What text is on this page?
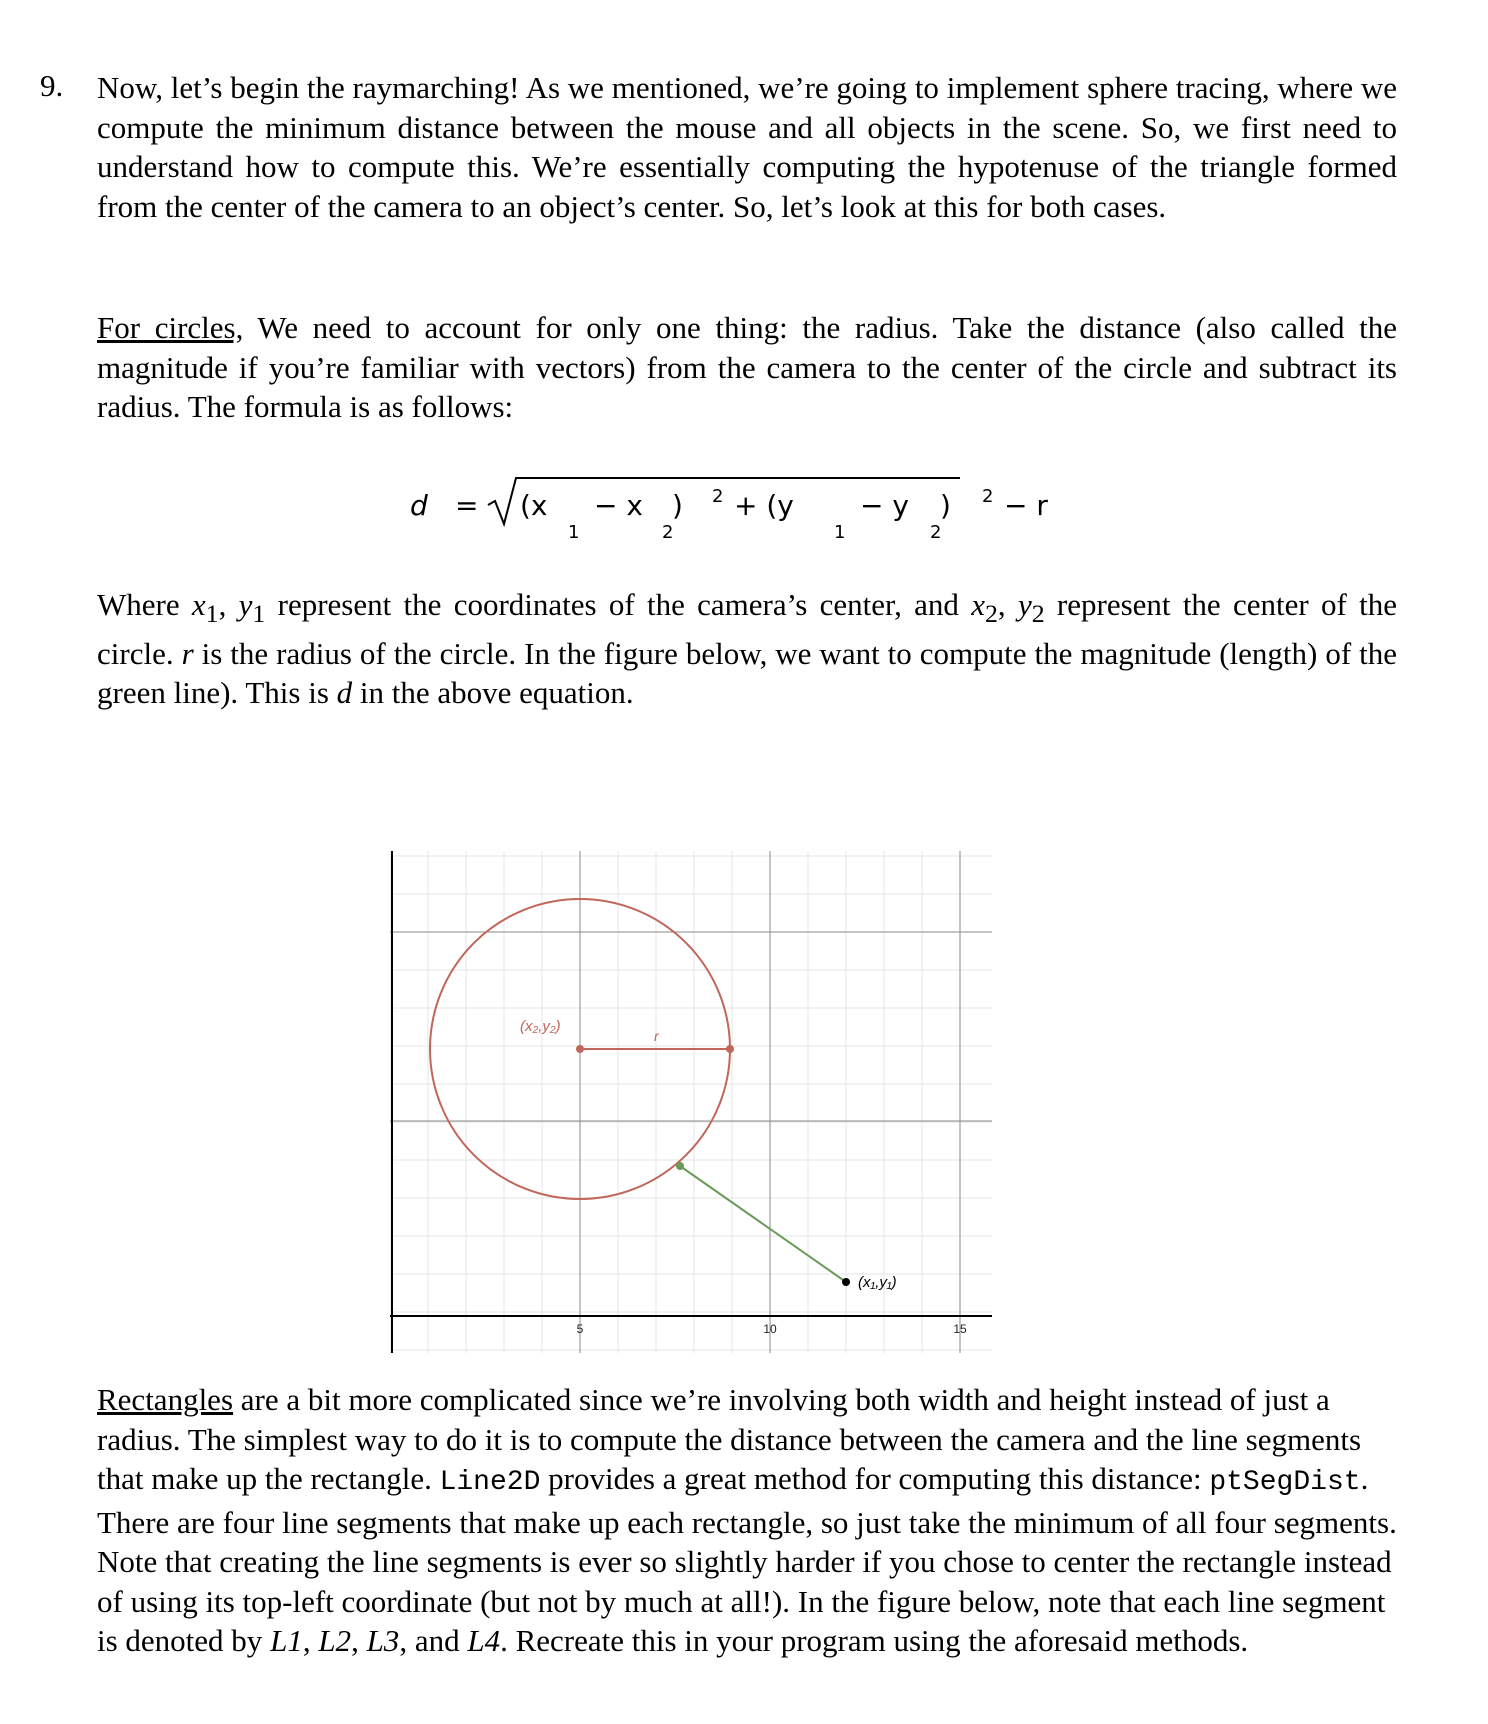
9. Now, let’s begin the raymarching! As we mentioned, we’re going to implement sphere tracing, where we compute the minimum distance between the mouse and all objects in the scene. So, we first need to understand how to compute this. We’re essentially computing the hypotenuse of the triangle formed from the center of the camera to an object’s center. So, let’s look at this for both cases.

For circles, We need to account for only one thing: the radius. Take the distance (also called the magnitude if you’re familiar with vectors) from the camera to the center of the circle and subtract its radius. The formula is as follows:

d = (x
1
− x
2
) 2 + (y
1
− y
2
) 2 − r

Where $x_1$, $y_1$ represent the coordinates of the camera’s center, and $x_2$, $y_2$ represent the center of the circle. r is the radius of the circle. In the figure below, we want to compute the magnitude (length) of the green line). This is d in the above equation.

5	10	15
(x₂,y₂)
r
(x₁,y₁)

Rectangles are a bit more complicated since we’re involving both width and height instead of just a radius. The simplest way to do it is to compute the distance between the camera and the line segments that make up the rectangle. Line2D provides a great method for computing this distance: ptSegDist. There are four line segments that make up each rectangle, so just take the minimum of all four segments. Note that creating the line segments is ever so slightly harder if you chose to center the rectangle instead of using its top-left coordinate (but not by much at all!). In the figure below, note that each line segment is denoted by L1, L2, L3, and L4. Recreate this in your program using the aforesaid methods.
